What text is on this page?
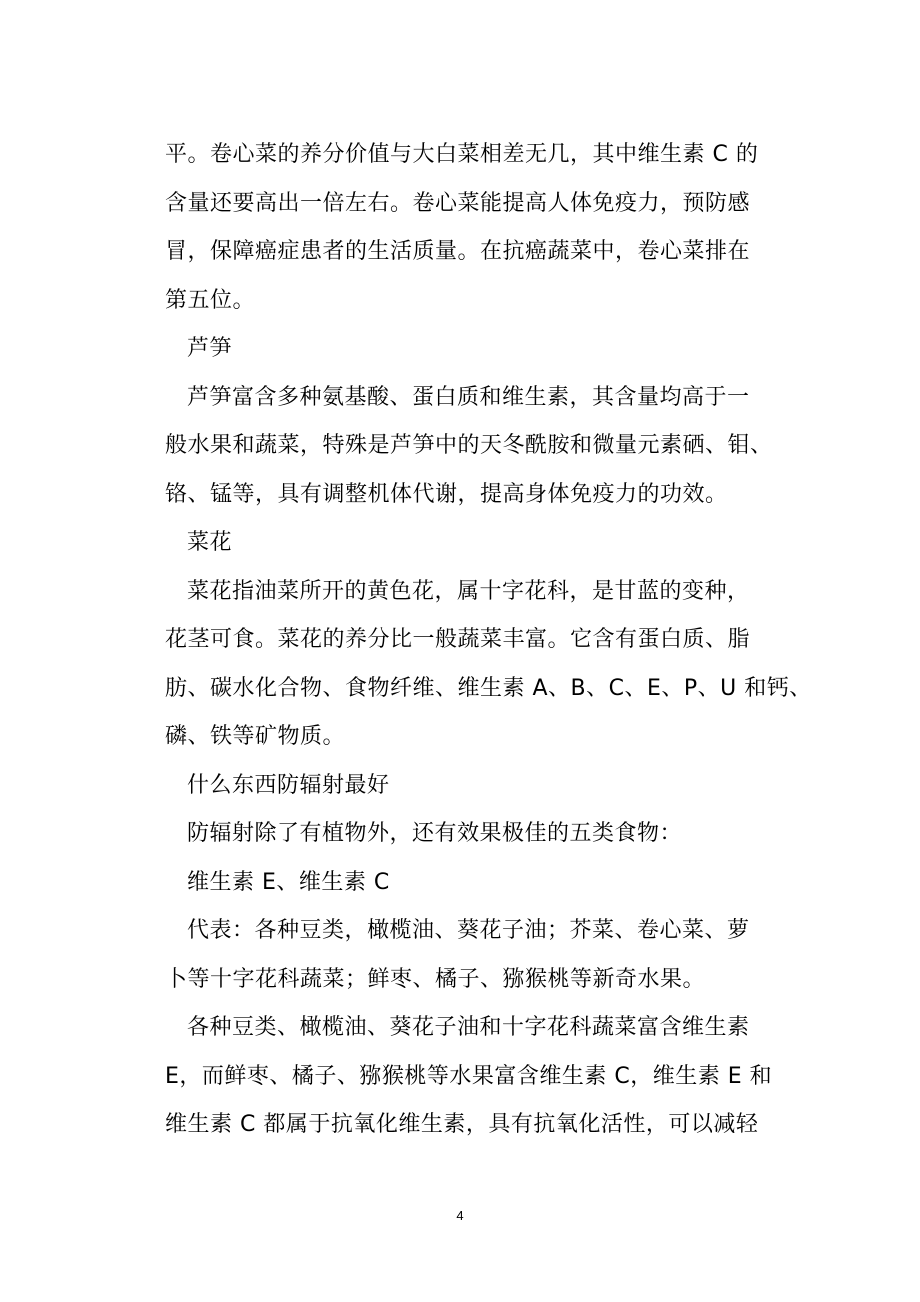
平。卷心菜的养分价值与大白菜相差无几，其中维生素 C 的
含量还要高出一倍左右。卷心菜能提高人体免疫力，预防感
冒，保障癌症患者的生活质量。在抗癌蔬菜中，卷心菜排在
第五位。
芦笋
芦笋富含多种氨基酸、蛋白质和维生素，其含量均高于一
般水果和蔬菜，特殊是芦笋中的天冬酰胺和微量元素硒、钼、
铬、锰等，具有调整机体代谢，提高身体免疫力的功效。
菜花
菜花指油菜所开的黄色花，属十字花科，是甘蓝的变种，
花茎可食。菜花的养分比一般蔬菜丰富。它含有蛋白质、脂
肪、碳水化合物、食物纤维、维生素 A、B、C、E、P、U 和钙、
磷、铁等矿物质。
什么东西防辐射最好
防辐射除了有植物外，还有效果极佳的五类食物：
维生素 E、维生素 C
代表：各种豆类，橄榄油、葵花子油；芥菜、卷心菜、萝
卜等十字花科蔬菜；鲜枣、橘子、猕猴桃等新奇水果。
各种豆类、橄榄油、葵花子油和十字花科蔬菜富含维生素
E，而鲜枣、橘子、猕猴桃等水果富含维生素 C，维生素 E 和
维生素 C 都属于抗氧化维生素，具有抗氧化活性，可以减轻
4
